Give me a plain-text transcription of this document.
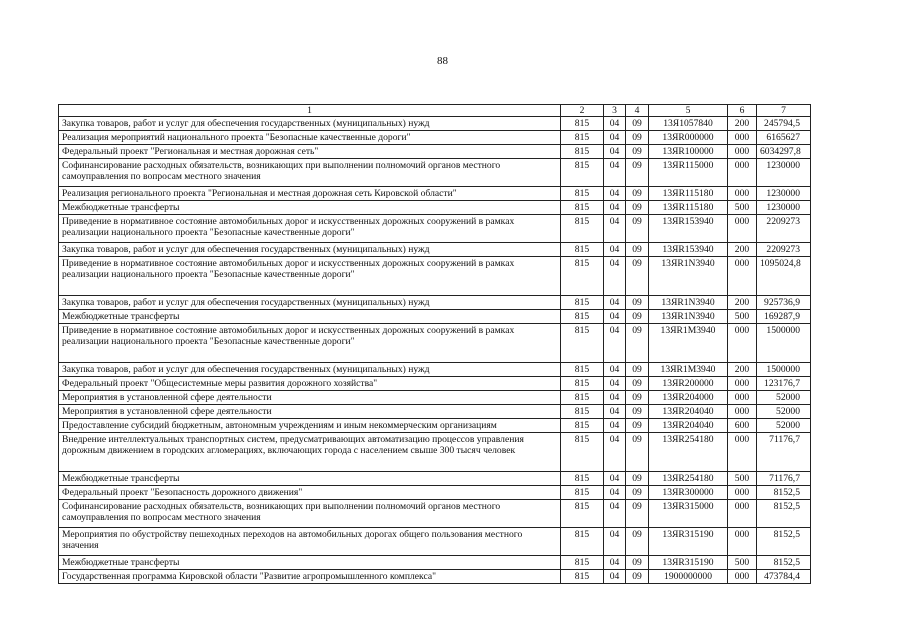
88
1	2	3	4	5	6	7
Закупка товаров, работ и услуг для обеспечения государственных (муниципальных) нужд	815	04	09	13Я1057840	200	245794,5
Реализация мероприятий национального проекта "Безопасные качественные дороги"	815	04	09	13ЯR000000	000	6165627
Федеральный проект "Региональная и местная дорожная сеть"	815	04	09	13ЯR100000	000	6034297,8
Софинансирование расходных обязательств, возникающих при выполнении полномочий органов местного самоуправления по вопросам местного значения	815	04	09	13ЯR115000	000	1230000
Реализация регионального проекта "Региональная и местная дорожная сеть Кировской области"	815	04	09	13ЯR115180	000	1230000
Межбюджетные трансферты	815	04	09	13ЯR115180	500	1230000
Приведение в нормативное состояние автомобильных дорог и искусственных дорожных сооружений в рамках реализации национального проекта "Безопасные качественные дороги"	815	04	09	13ЯR153940	000	2209273
Закупка товаров, работ и услуг для обеспечения государственных (муниципальных) нужд	815	04	09	13ЯR153940	200	2209273
Приведение в нормативное состояние автомобильных дорог и искусственных дорожных сооружений в рамках реализации национального проекта "Безопасные качественные дороги"	815	04	09	13ЯR1N3940	000	1095024,8
Закупка товаров, работ и услуг для обеспечения государственных (муниципальных) нужд	815	04	09	13ЯR1N3940	200	925736,9
Межбюджетные трансферты	815	04	09	13ЯR1N3940	500	169287,9
Приведение в нормативное состояние автомобильных дорог и искусственных дорожных сооружений в рамках реализации национального проекта "Безопасные качественные дороги"	815	04	09	13ЯR1M3940	000	1500000
Закупка товаров, работ и услуг для обеспечения государственных (муниципальных) нужд	815	04	09	13ЯR1M3940	200	1500000
Федеральный проект "Общесистемные меры развития дорожного хозяйства"	815	04	09	13ЯR200000	000	123176,7
Мероприятия в установленной сфере деятельности	815	04	09	13ЯR204000	000	52000
Мероприятия в установленной сфере деятельности	815	04	09	13ЯR204040	000	52000
Предоставление субсидий бюджетным, автономным учреждениям и иным некоммерческим организациям	815	04	09	13ЯR204040	600	52000
Внедрение интеллектуальных транспортных систем, предусматривающих автоматизацию процессов управления дорожным движением в городских агломерациях, включающих города с населением свыше 300 тысяч человек	815	04	09	13ЯR254180	000	71176,7
Межбюджетные трансферты	815	04	09	13ЯR254180	500	71176,7
Федеральный проект "Безопасность дорожного движения"	815	04	09	13ЯR300000	000	8152,5
Софинансирование расходных обязательств, возникающих при выполнении полномочий органов местного самоуправления по вопросам местного значения	815	04	09	13ЯR315000	000	8152,5
Мероприятия по обустройству пешеходных переходов на автомобильных дорогах общего пользования местного значения	815	04	09	13ЯR315190	000	8152,5
Межбюджетные трансферты	815	04	09	13ЯR315190	500	8152,5
Государственная программа Кировской области "Развитие агропромышленного комплекса"	815	04	09	1900000000	000	473784,4
